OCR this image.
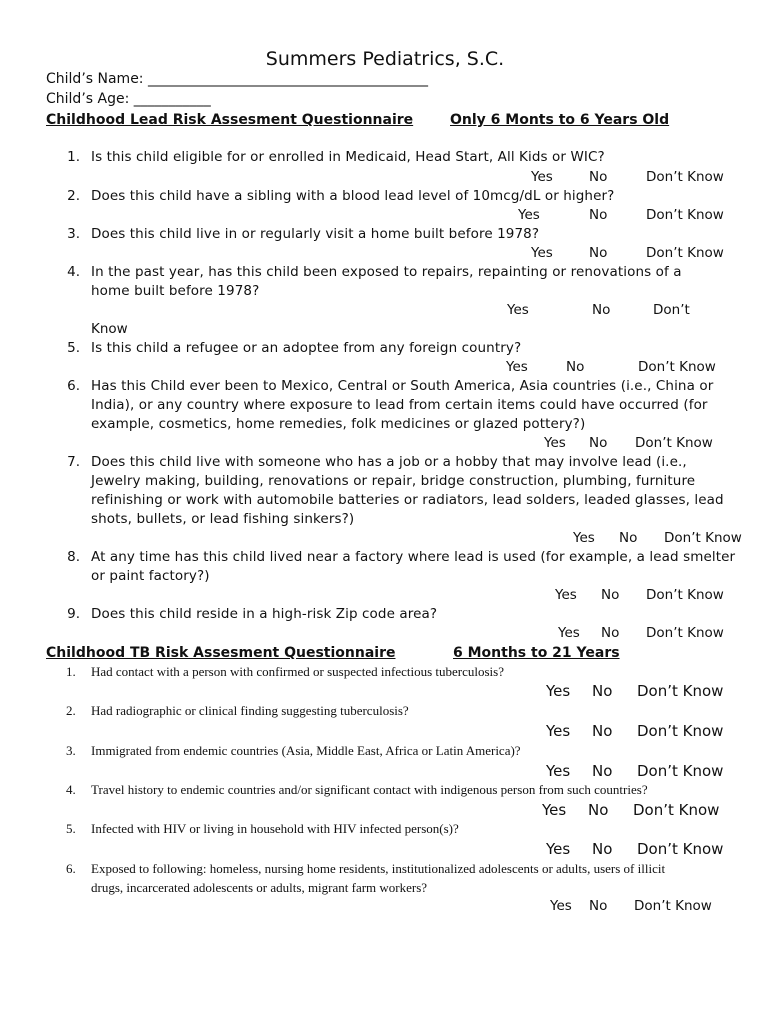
Summers Pediatrics, S.C.
Child’s Name: ________________________________________
Child’s Age: ___________
Childhood Lead Risk Assesment Questionnaire	Only 6 Monts to 6 Years Old
1. Is this child eligible for or enrolled in Medicaid, Head Start, All Kids or WIC?
Yes	No	Don’t Know
2. Does this child have a sibling with a blood lead level of 10mcg/dL or higher?
Yes	No	Don’t Know
3. Does this child live in or regularly visit a home built before 1978?
Yes	No	Don’t Know
4. In the past year, has this child been exposed to repairs, repainting or renovations of a
home built before 1978?
Yes	No	Don’t
Know
5. Is this child a refugee or an adoptee from any foreign country?
Yes	No	Don’t Know
6. Has this Child ever been to Mexico, Central or South America, Asia countries (i.e., China or
India), or any country where exposure to lead from certain items could have occurred (for
example, cosmetics, home remedies, folk medicines or glazed pottery?)
Yes No Don’t Know
7. Does this child live with someone who has a job or a hobby that may involve lead (i.e.,
Jewelry making, building, renovations or repair, bridge construction, plumbing, furniture
refinishing or work with automobile batteries or radiators, lead solders, leaded glasses, lead
shots, bullets, or lead fishing sinkers?)
Yes No Don’t Know
8. At any time has this child lived near a factory where lead is used (for example, a lead smelter
or paint factory?)
Yes No Don’t Know
9. Does this child reside in a high-risk Zip code area?
Yes No Don’t Know
Childhood TB Risk Assesment Questionnaire	6 Months to 21 Years
1. Had contact with a person with confirmed or suspected infectious tuberculosis?
Yes No Don’t Know
2. Had radiographic or clinical finding suggesting tuberculosis?
Yes No Don’t Know
3. Immigrated from endemic countries (Asia, Middle East, Africa or Latin America)?
Yes No Don’t Know
4. Travel history to endemic countries and/or significant contact with indigenous person from such countries?
Yes No Don’t Know
5. Infected with HIV or living in household with HIV infected person(s)?
Yes No Don’t Know
6. Exposed to following: homeless, nursing home residents, institutionalized adolescents or adults, users of illicit
drugs, incarcerated adolescents or adults, migrant farm workers?
Yes No Don’t Know
